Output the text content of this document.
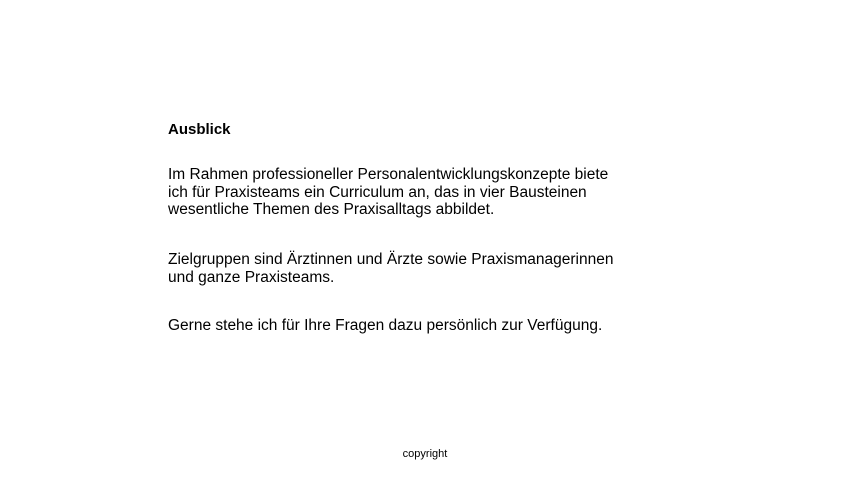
Ausblick

Im Rahmen professioneller Personalentwicklungskonzepte biete
ich für Praxisteams ein Curriculum an, das in vier Bausteinen
wesentliche Themen des Praxisalltags abbildet.

Zielgruppen sind Ärztinnen und Ärzte sowie Praxismanagerinnen
und ganze Praxisteams.

Gerne stehe ich für Ihre Fragen dazu persönlich zur Verfügung.

copyright
